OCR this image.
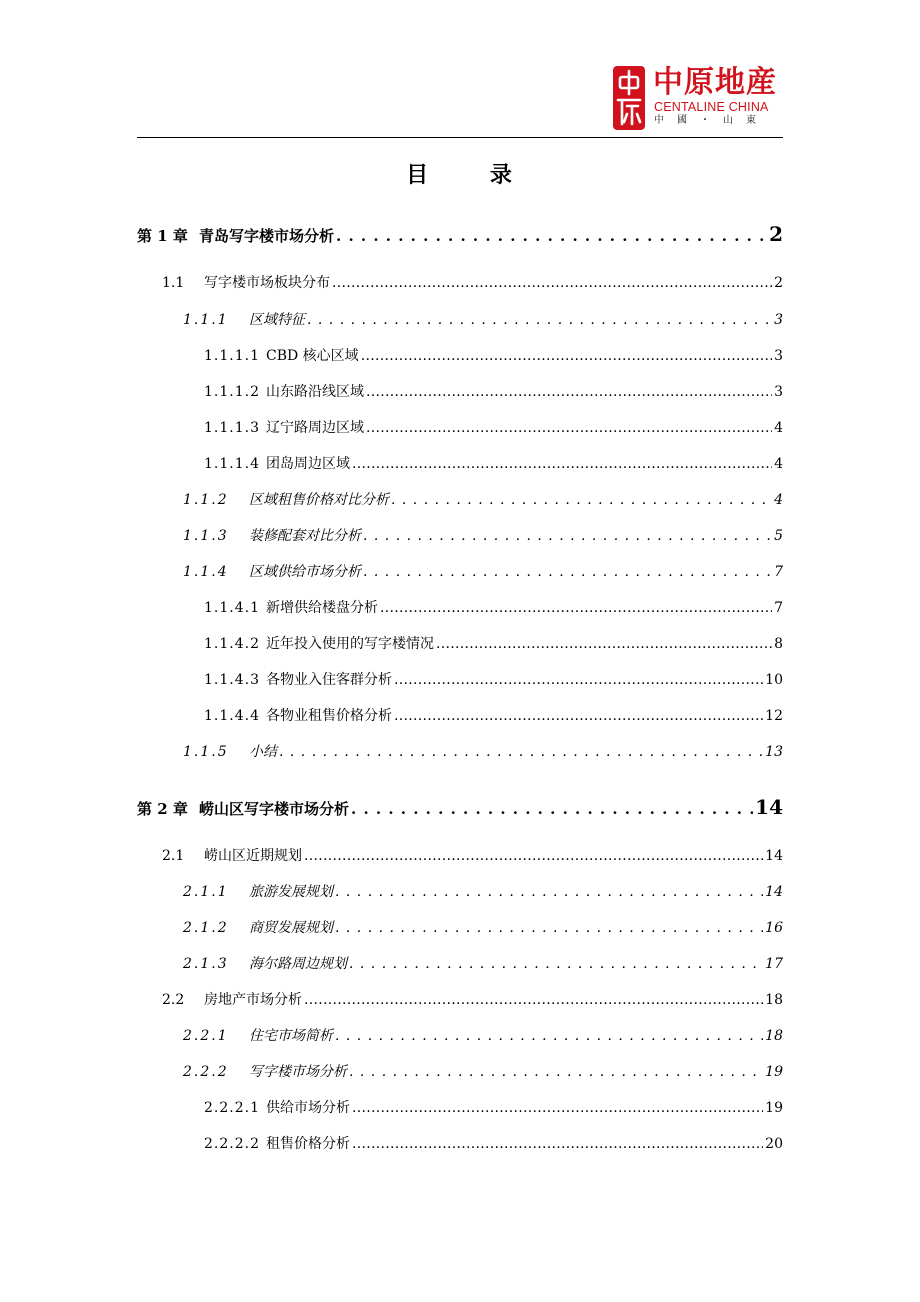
中原地産
CENTALINE CHINA
中國・山東
目 录
第 1 章 青岛写字楼市场分析 . . .	2
1.1	写字楼市场板块分布 .....	2
1.1.1	区域特征 . . .	3
1.1.1.1 CBD 核心区域 .....	3
1.1.1.2 山东路沿线区域 .....	3
1.1.1.3 辽宁路周边区域 .....	4
1.1.1.4 团岛周边区域 .....	4
1.1.2	区域租售价格对比分析 . . .	4
1.1.3	装修配套对比分析 . . .	5
1.1.4	区域供给市场分析 . . .	7
1.1.4.1 新增供给楼盘分析 .....	7
1.1.4.2 近年投入使用的写字楼情况 .....	8
1.1.4.3 各物业入住客群分析 .....	10
1.1.4.4 各物业租售价格分析 .....	12
1.1.5	小结 . . .	13
第 2 章 崂山区写字楼市场分析 . . .	14
2.1	崂山区近期规划 .....	14
2.1.1	旅游发展规划 . . .	14
2.1.2	商贸发展规划 . . .	16
2.1.3	海尔路周边规划 . . .	17
2.2	房地产市场分析 .....	18
2.2.1	住宅市场简析 . . .	18
2.2.2	写字楼市场分析 . . .	19
2.2.2.1 供给市场分析 .....	19
2.2.2.2 租售价格分析 .....	20
